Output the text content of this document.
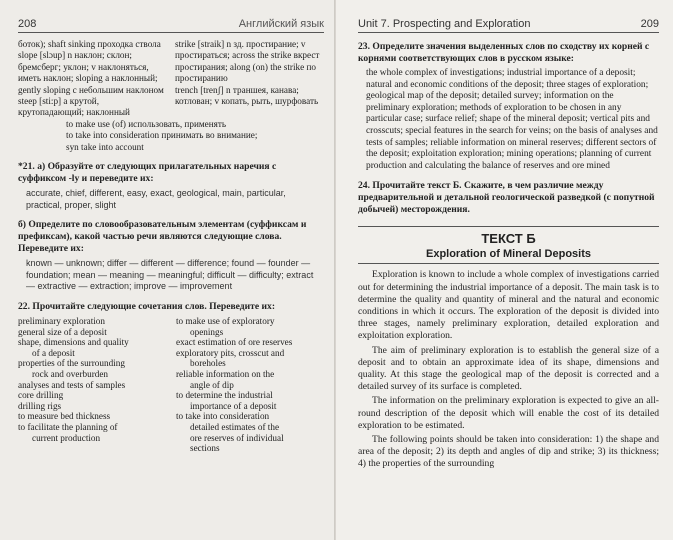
208	Английский язык
боток); shaft sinking проходка ствола
slope [slɔup] n наклон; склон; бремсберг; уклон; v наклоняться, иметь наклон; sloping a наклонный; gently sloping с небольшим наклоном
steep [sti:p] a крутой, крутопадающий; наклонный
strike [straik] n зд. простирание; v простираться; across the strike вкрест простирания; along (on) the strike по простиранию
trench [trenʃ] n траншея, канава; котлован; v копать, рыть, шурфовать
to make use (of) использовать, применять
to take into consideration принимать во внимание;
syn take into account
*21. а) Образуйте от следующих прилагательных наречия с суффиксом -ly и переведите их:

accurate, chief, different, easy, exact, geological, main, particular, practical, proper, slight

б) Определите по словообразовательным элементам (суффиксам и префиксам), какой частью речи являются следующие слова. Переведите их:

known — unknown; differ — different — difference; found — founder — foundation; mean — meaning — meaningful; difficult — difficulty; extract — extractive — extraction; improve — improvement

22. Прочитайте следующие сочетания слов. Переведите их:
preliminary exploration
general size of a deposit
shape, dimensions and quality
of a deposit
properties of the surrounding
rock and overburden
analyses and tests of samples
core drilling
drilling rigs
to measure bed thickness
to facilitate the planning of
current production
to make use of exploratory
openings
exact estimation of ore reserves
exploratory pits, crosscut and
boreholes
reliable information on the
angle of dip
to determine the industrial
importance of a deposit
to take into consideration
detailed estimates of the
ore reserves of individual
sections
Unit 7. Prospecting and Exploration	209
23. Определите значения выделенных слов по сходству их корней с корнями соответствующих слов в русском языке:

the whole complex of investigations; industrial importance of a deposit; natural and economic conditions of the deposit; three stages of exploration; geological map of the deposit; detailed survey; information on the preliminary exploration; methods of exploration to be chosen in any particular case; surface relief; shape of the mineral deposit; vertical pits and crosscuts; special features in the search for veins; on the basis of analyses and tests of samples; reliable information on mineral reserves; different sectors of the deposit; exploitation exploration; mining operations; planning of current production and calculating the balance of reserves and ore mined

24. Прочитайте текст Б. Скажите, в чем различие между предварительной и детальной геологической разведкой (с попутной добычей) месторождения.
ТЕКСТ Б
Exploration of Mineral Deposits

Exploration is known to include a whole complex of investigations carried out for determining the industrial importance of a deposit. The main task is to determine the quality and quantity of mineral and the natural and economic conditions in which it occurs. The exploration of the deposit is divided into three stages, namely preliminary exploration, detailed exploration and exploitation exploration.

The aim of preliminary exploration is to establish the general size of a deposit and to obtain an approximate idea of its shape, dimensions and quality. At this stage the geological map of the deposit is corrected and a detailed survey of its surface is completed.

The information on the preliminary exploration is expected to give an all-round description of the deposit which will enable the cost of its detailed exploration to be estimated.

The following points should be taken into consideration: 1) the shape and area of the deposit; 2) its depth and angles of dip and strike; 3) its thickness; 4) the properties of the surrounding
